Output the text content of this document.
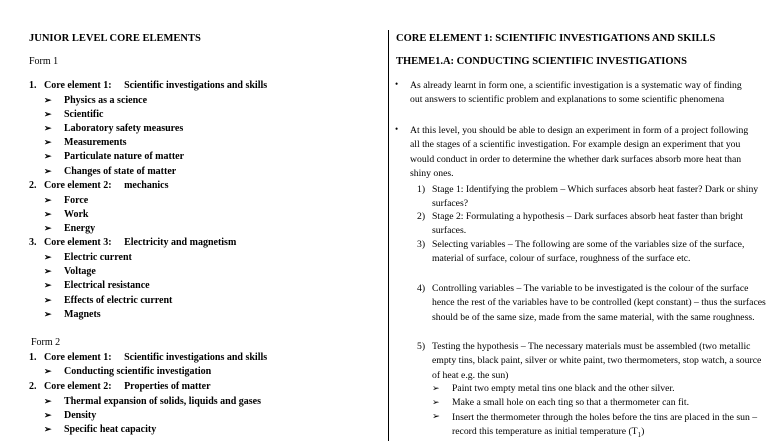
JUNIOR LEVEL CORE ELEMENTS
Form 1
1. Core element 1: Scientific investigations and skills
➢ Physics as a science
➢ Scientific
➢ Laboratory safety measures
➢ Measurements
➢ Particulate nature of matter
➢ Changes of state of matter
2. Core element 2: mechanics
➢ Force
➢ Work
➢ Energy
3. Core element 3: Electricity and magnetism
➢ Electric current
➢ Voltage
➢ Electrical resistance
➢ Effects of electric current
➢ Magnets
Form 2
1. Core element 1: Scientific investigations and skills
➢ Conducting scientific investigation
2. Core element 2: Properties of matter
➢ Thermal expansion of solids, liquids and gases
➢ Density
➢ Specific heat capacity
CORE ELEMENT 1: SCIENTIFIC INVESTIGATIONS AND SKILLS
THEME1.A: CONDUCTING SCIENTIFIC INVESTIGATIONS
• As already learnt in form one, a scientific investigation is a systematic way of finding out answers to scientific problem and explanations to some scientific phenomena
• At this level, you should be able to design an experiment in form of a project following all the stages of a scientific investigation. For example design an experiment that you would conduct in order to determine the whether dark surfaces absorb more heat than shiny ones.
1) Stage 1: Identifying the problem – Which surfaces absorb heat faster? Dark or shiny surfaces?
2) Stage 2: Formulating a hypothesis – Dark surfaces absorb heat faster than bright surfaces.
3) Selecting variables – The following are some of the variables size of the surface, material of surface, colour of surface, roughness of the surface etc.
4) Controlling variables – The variable to be investigated is the colour of the surface hence the rest of the variables have to be controlled (kept constant) – thus the surfaces should be of the same size, made from the same material, with the same roughness.
5) Testing the hypothesis – The necessary materials must be assembled (two metallic empty tins, black paint, silver or white paint, two thermometers, stop watch, a source of heat e.g. the sun)
➢ Paint two empty metal tins one black and the other silver.
➢ Make a small hole on each ting so that a thermometer can fit.
➢ Insert the thermometer through the holes before the tins are placed in the sun – record this temperature as initial temperature $(T_1)$
